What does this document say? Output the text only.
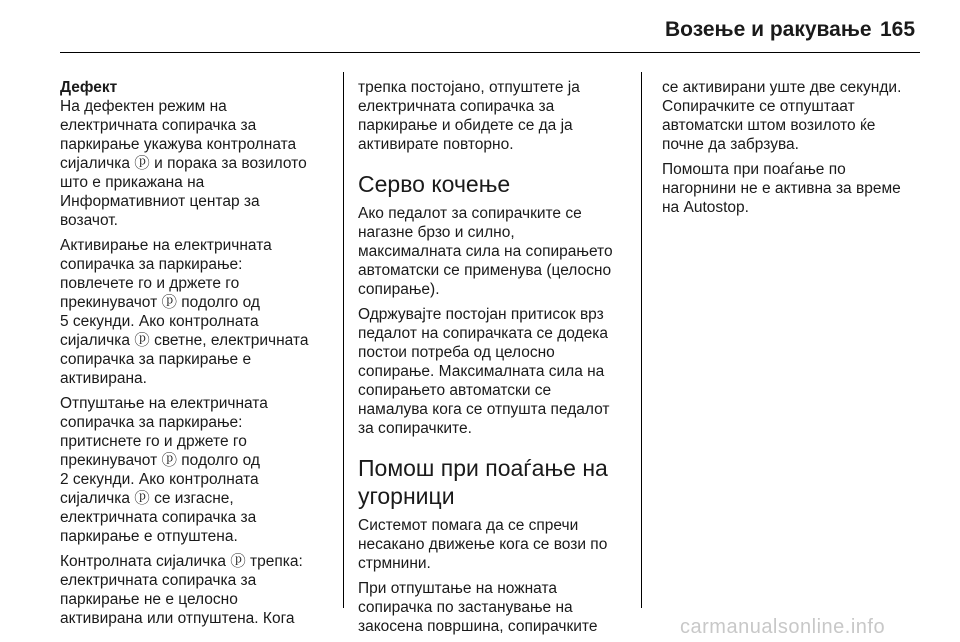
Возење и ракување 165
Дефект

На дефектен режим на
електричната сопирачка за
паркирање укажува контролната
сијаличка ⓟ и порака за возилото
што е прикажана на
Информативниот центар за
возачот.

Активирање на електричната
сопирачка за паркирање:
повлечете го и држете го
прекинувачот ⓟ подолго од
5 секунди. Ако контролната
сијаличка ⓟ светне, електричната
сопирачка за паркирање е
активирана.

Отпуштање на електричната
сопирачка за паркирање:
притиснете го и држете го
прекинувачот ⓟ подолго од
2 секунди. Ако контролната
сијаличка ⓟ се изгасне,
електричната сопирачка за
паркирање е отпуштена.

Контролната сијаличка ⓟ трепка:
електричната сопирачка за
паркирање не е целосно
активирана или отпуштена. Кога

трепка постојано, отпуштете ја
електричната сопирачка за
паркирање и обидете се да ја
активирате повторно.

Серво кочење

Ако педалот за сопирачките се
нагазне брзо и силно,
максималната сила на сопирањето
автоматски се применува (целосно
сопирање).

Одржувајте постојан притисок врз
педалот на сопирачката се додека
постои потреба од целосно
сопирање. Максималната сила на
сопирањето автоматски се
намалува кога се отпушта педалот
за сопирачките.

Помош при поаѓање на
угорници

Системот помага да се спречи
несакано движење кога се вози по
стрмнини.

При отпуштање на ножната
сопирачка по застанување на
закосена површина, сопирачките

се активирани уште две секунди.
Сопирачките се отпуштаат
автоматски штом возилото ќе
почне да забрзува.

Помошта при поаѓање по
нагорнини не е активна за време
на Autostop.

carmanualsonline.info
